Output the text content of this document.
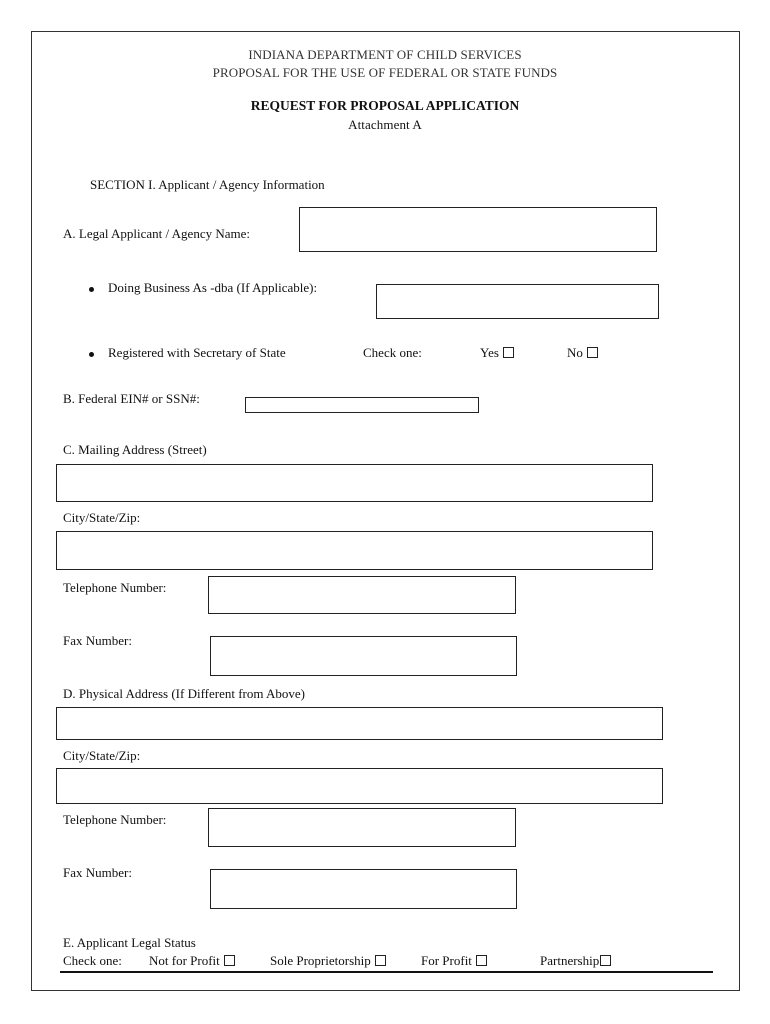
INDIANA DEPARTMENT OF CHILD SERVICES
PROPOSAL FOR THE USE OF FEDERAL OR STATE FUNDS
REQUEST FOR PROPOSAL APPLICATION
Attachment A
SECTION I. Applicant / Agency Information
A. Legal Applicant / Agency Name:
Doing Business As -dba (If Applicable):
Registered with Secretary of State	Check one:	Yes	No
B. Federal EIN# or SSN#:
C. Mailing Address (Street)
City/State/Zip:
Telephone Number:
Fax Number:
D. Physical Address (If Different from Above)
City/State/Zip:
Telephone Number:
Fax Number:
E. Applicant Legal Status
Check one: Not for Profit	Sole Proprietorship	For Profit	Partnership
